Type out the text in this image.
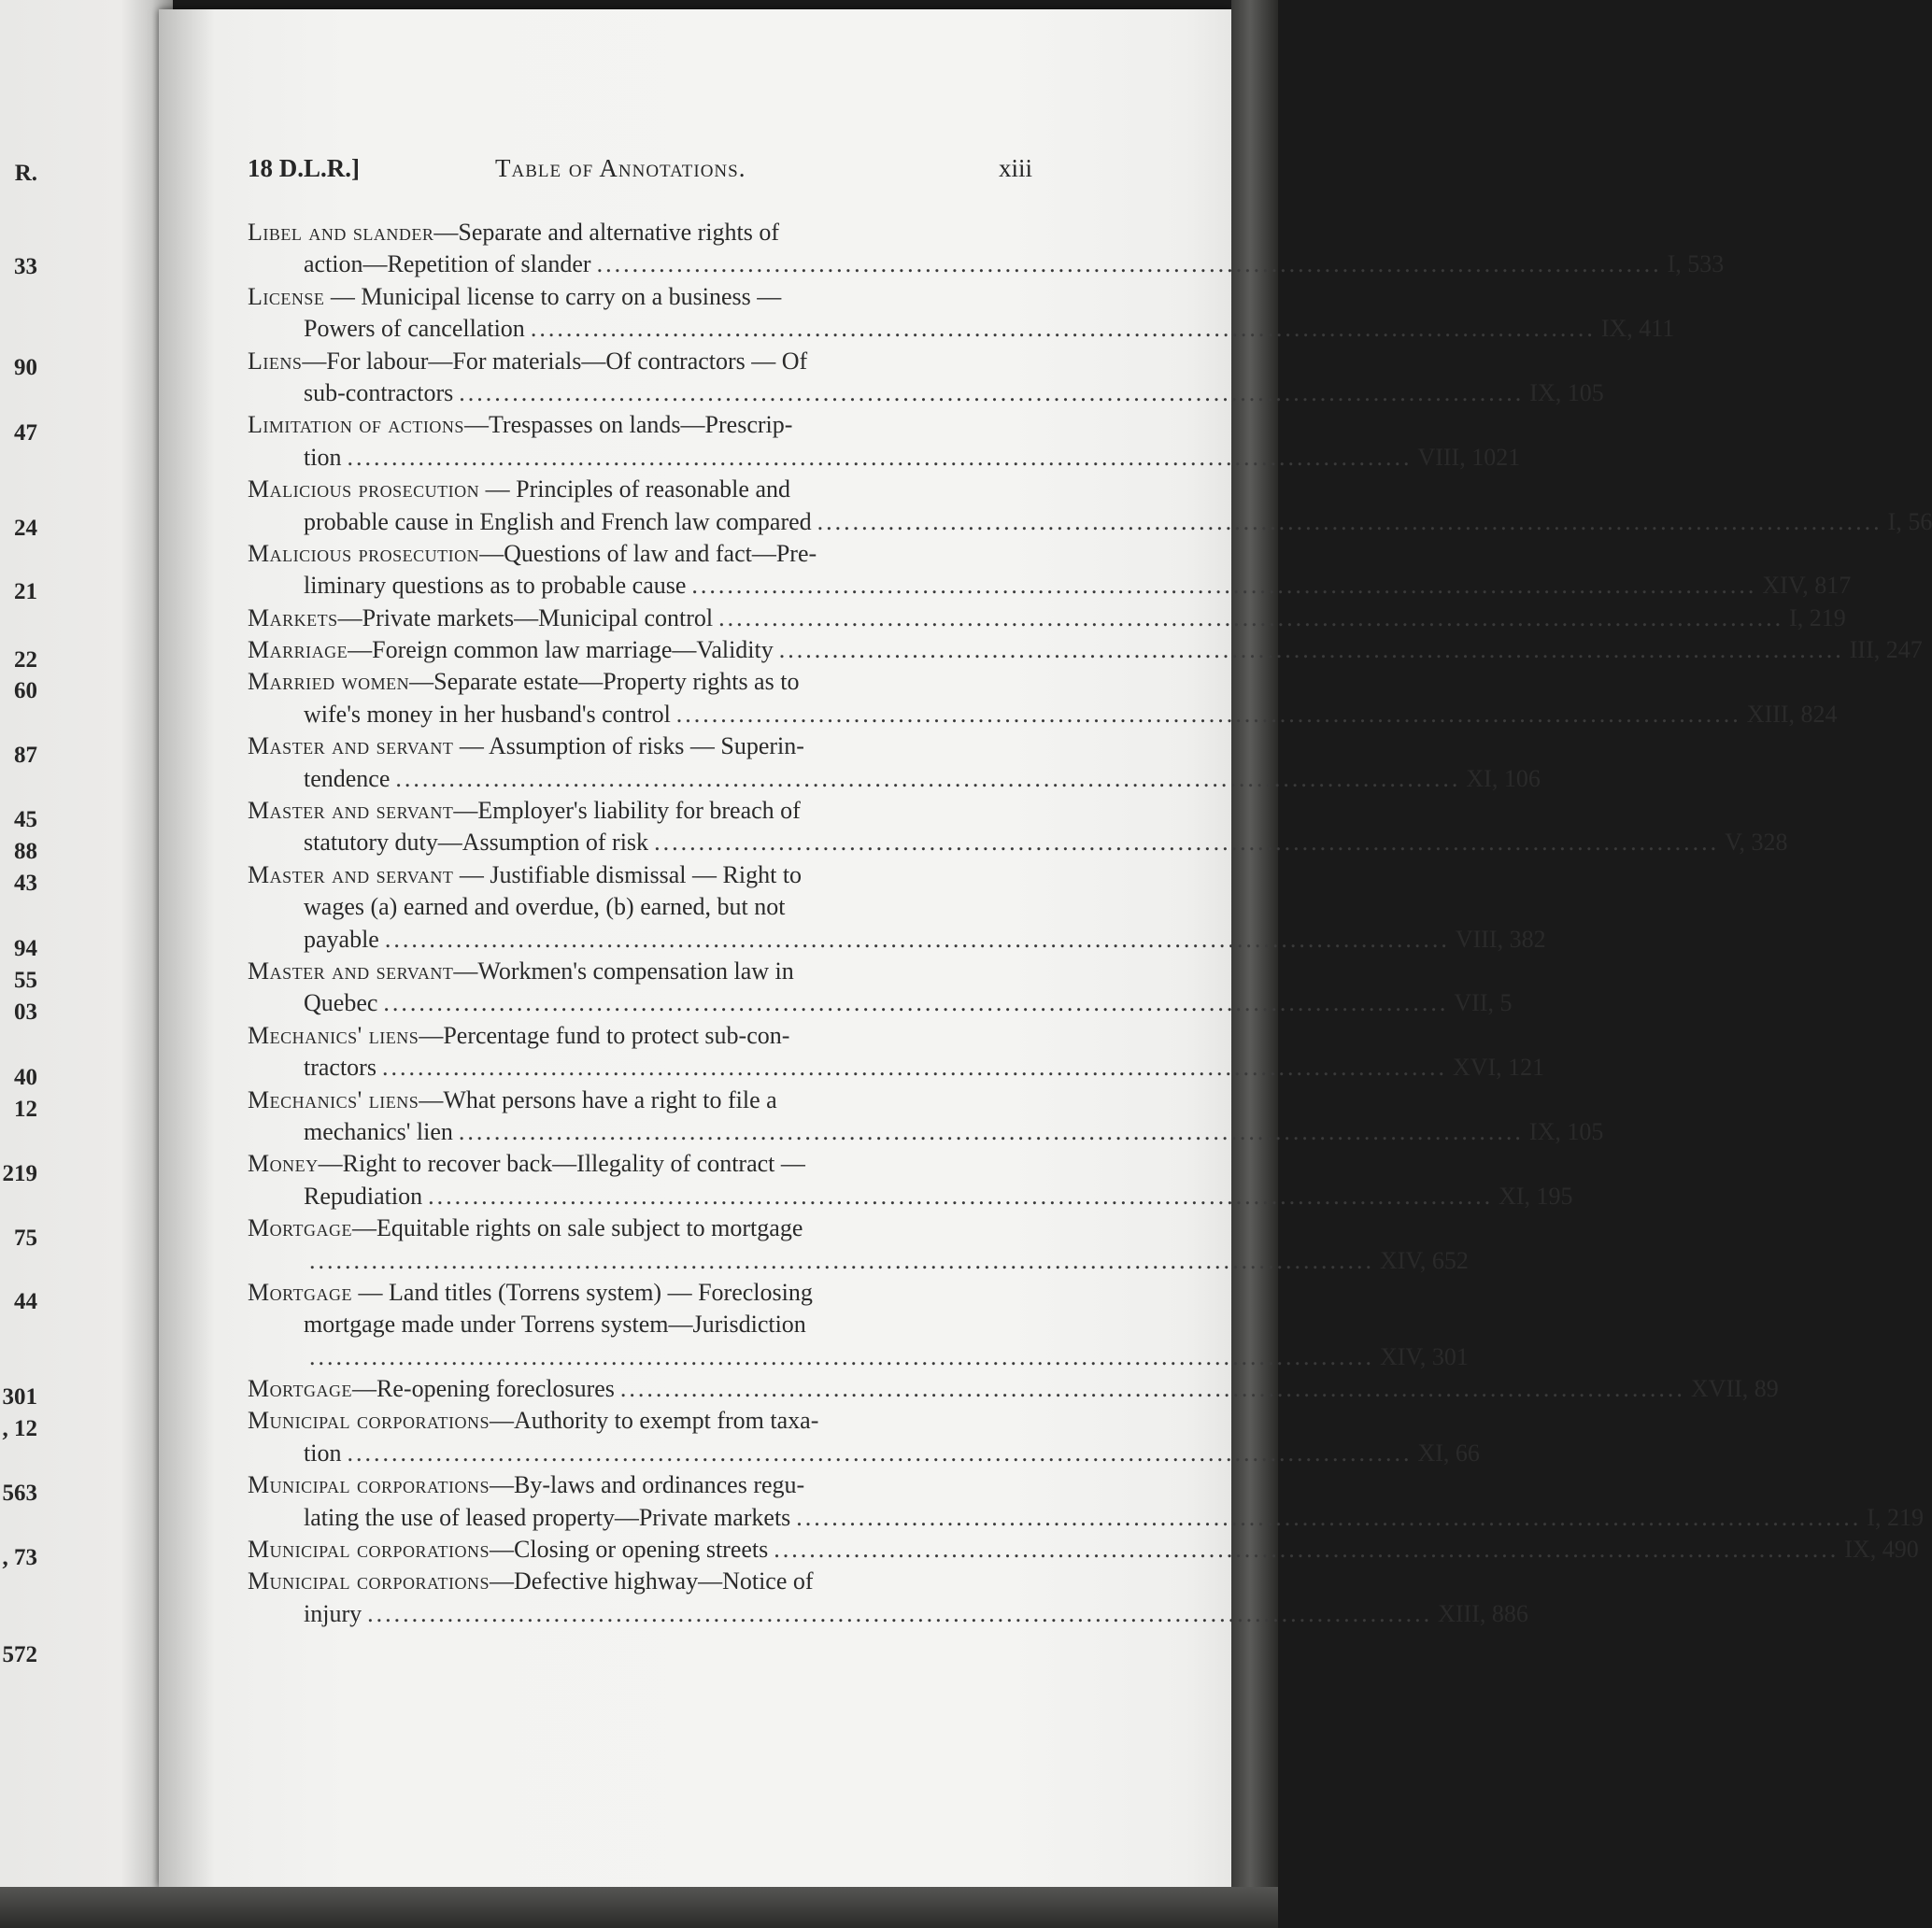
R.
33
90
47
24
21
22
60
87
45
88
43
94
55
03
40
12
219
75
44
301
, 12
563
, 73
572
18 D.L.R.]	Table of Annotations.	xiii
Libel and slander—Separate and alternative rights of
action—Repetition of slander ........................................................................................................................ I, 533
License — Municipal license to carry on a business —
Powers of cancellation ........................................................................................................................ IX, 411
Liens—For labour—For materials—Of contractors — Of
sub-contractors ........................................................................................................................ IX, 105
Limitation of actions—Trespasses on lands—Prescrip-
tion ........................................................................................................................ VIII, 1021
Malicious prosecution — Principles of reasonable and
probable cause in English and French law compared ........................................................................................................................ I, 56
Malicious prosecution—Questions of law and fact—Pre-
liminary questions as to probable cause ........................................................................................................................ XIV, 817
Markets—Private markets—Municipal control ........................................................................................................................ I, 219
Marriage—Foreign common law marriage—Validity ........................................................................................................................ III, 247
Married women—Separate estate—Property rights as to
wife's money in her husband's control ........................................................................................................................ XIII, 824
Master and servant — Assumption of risks — Superin-
tendence ........................................................................................................................ XI, 106
Master and servant—Employer's liability for breach of
statutory duty—Assumption of risk ........................................................................................................................ V, 328
Master and servant — Justifiable dismissal — Right to
wages (a) earned and overdue, (b) earned, but not
payable ........................................................................................................................ VIII, 382
Master and servant—Workmen's compensation law in
Quebec ........................................................................................................................ VII, 5
Mechanics' liens—Percentage fund to protect sub-con-
tractors ........................................................................................................................ XVI, 121
Mechanics' liens—What persons have a right to file a
mechanics' lien ........................................................................................................................ IX, 105
Money—Right to recover back—Illegality of contract —
Repudiation ........................................................................................................................ XI, 195
Mortgage—Equitable rights on sale subject to mortgage
........................................................................................................................ XIV, 652
Mortgage — Land titles (Torrens system) — Foreclosing
mortgage made under Torrens system—Jurisdiction
........................................................................................................................ XIV, 301
Mortgage—Re-opening foreclosures ........................................................................................................................ XVII, 89
Municipal corporations—Authority to exempt from taxa-
tion ........................................................................................................................ XI, 66
Municipal corporations—By-laws and ordinances regu-
lating the use of leased property—Private markets ........................................................................................................................ I, 219
Municipal corporations—Closing or opening streets ........................................................................................................................ IX, 490
Municipal corporations—Defective highway—Notice of
injury ........................................................................................................................ XIII, 886
